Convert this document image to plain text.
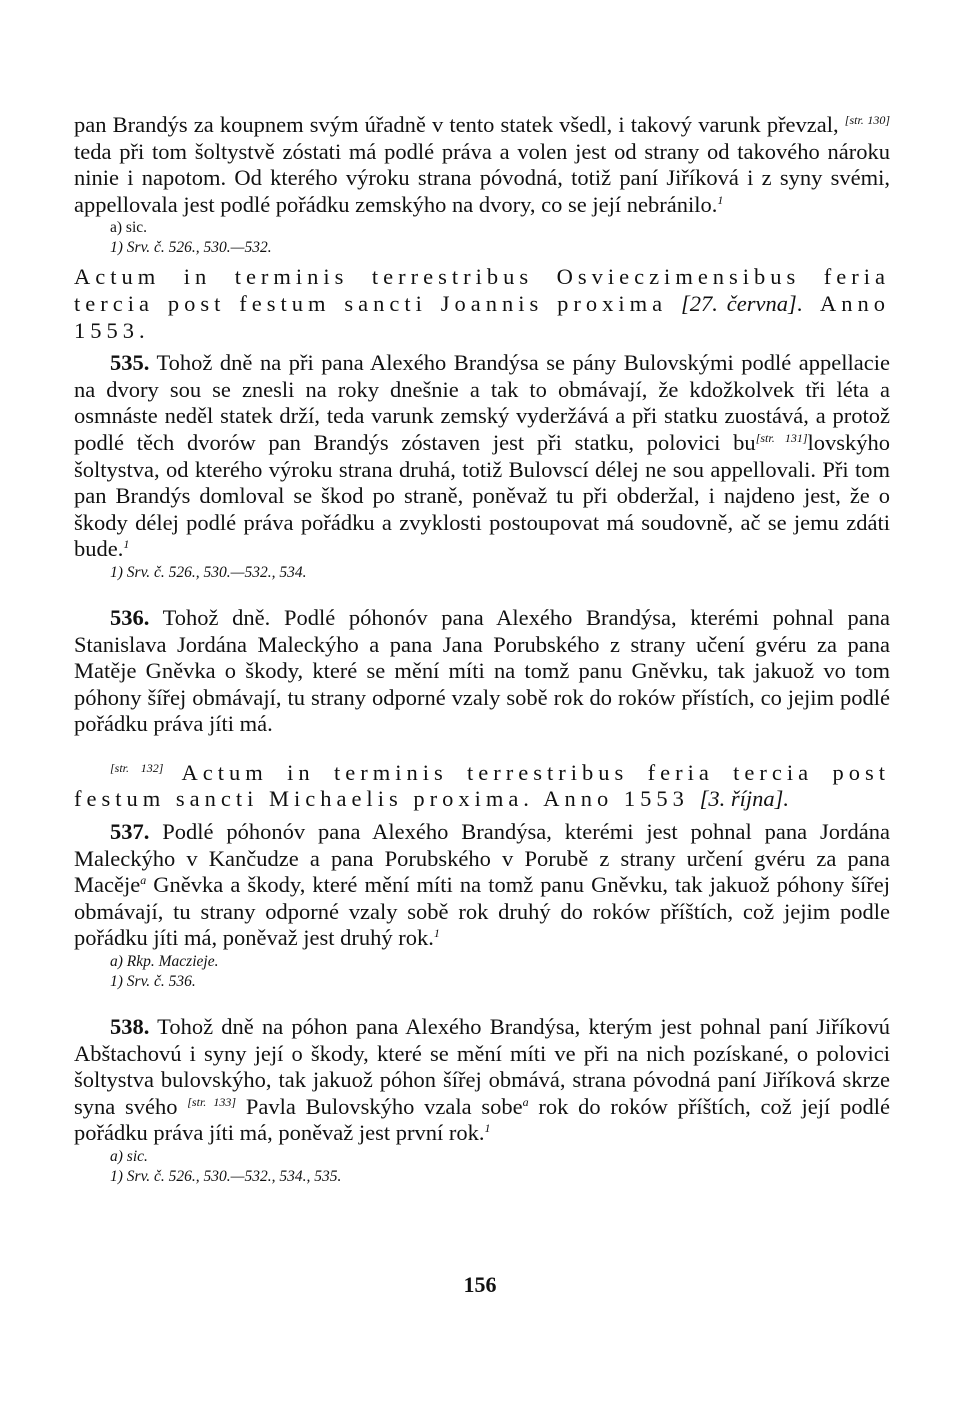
pan Brandýs za koupnem svým úřadně v tento statek všedl, i takový varunk převzal, [str. 130] teda při tom šoltystvě zóstati má podlé práva a volen jest od strany od takového nároku ninie i napotom. Od kterého výroku strana póvodná, totiž paní Jiříková i z syny svémi, appellovala jest podlé pořádku zemskýho na dvory, co se její nebránilo.$^1$

a) sic.

1) Srv. č. 526., 530.—532.

Actum in terminis terrestribus Osvieczimensibus feria tercia post festum sancti Joannis proxima [27. června]. Anno 1553.

535. Tohož dně na při pana Alexého Brandýsa se pány Bulovskými podlé appellacie na dvory sou se znesli na roky dnešnie a tak to obmávají, že kdožkolvek tři léta a osmnáste neděl statek drží, teda varunk zemský vyderžává a při statku zuostává, a protož podlé těch dvorów pan Brandýs zóstaven jest při statku, polovici bu[str. 131]lovskýho šoltystva, od kterého výroku strana druhá, totiž Bulovscí délej ne sou appellovali. Při tom pan Brandýs domloval se škod po straně, poněvaž tu při obderžal, i najdeno jest, že o škody délej podlé práva pořádku a zvyklosti postoupovat má soudovně, ač se jemu zdáti bude.$^1$

1) Srv. č. 526., 530.—532., 534.

536. Tohož dně. Podlé póhonóv pana Alexého Brandýsa, kterémi pohnal pana Stanislava Jordána Maleckýho a pana Jana Porubského z strany učení gvéru za pana Matěje Gněvka o škody, které se mění míti na tomž panu Gněvku, tak jakuož vo tom póhony šířej obmávají, tu strany odporné vzaly sobě rok do roków přístích, co jejim podlé pořádku práva jíti má.

[str. 132] Actum in terminis terrestribus feria tercia post festum sancti Michaelis proxima. Anno 1553 [3. října].

537. Podlé póhonóv pana Alexého Brandýsa, kterémi jest pohnal pana Jordána Maleckýho v Kančudze a pana Porubského v Porubě z strany určení gvéru za pana Macěje$^a$ Gněvka a škody, které mění míti na tomž panu Gněvku, tak jakuož póhony šířej obmávají, tu strany odporné vzaly sobě rok druhý do roków příštích, což jejim podle pořádku jíti má, poněvaž jest druhý rok.$^1$

a) Rkp. Maczieje.

1) Srv. č. 536.

538. Tohož dně na póhon pana Alexého Brandýsa, kterým jest pohnal paní Jiříkovú Abštachovú i syny její o škody, které se mění míti ve při na nich pozískané, o polovici šoltystva bulovskýho, tak jakuož póhon šířej obmává, strana póvodná paní Jiříková skrze syna svého [str. 133] Pavla Bulovskýho vzala sobe$^a$ rok do roków příštích, což její podlé pořádku práva jíti má, poněvaž jest první rok.$^1$

a) sic.

1) Srv. č. 526., 530.—532., 534., 535.

156
